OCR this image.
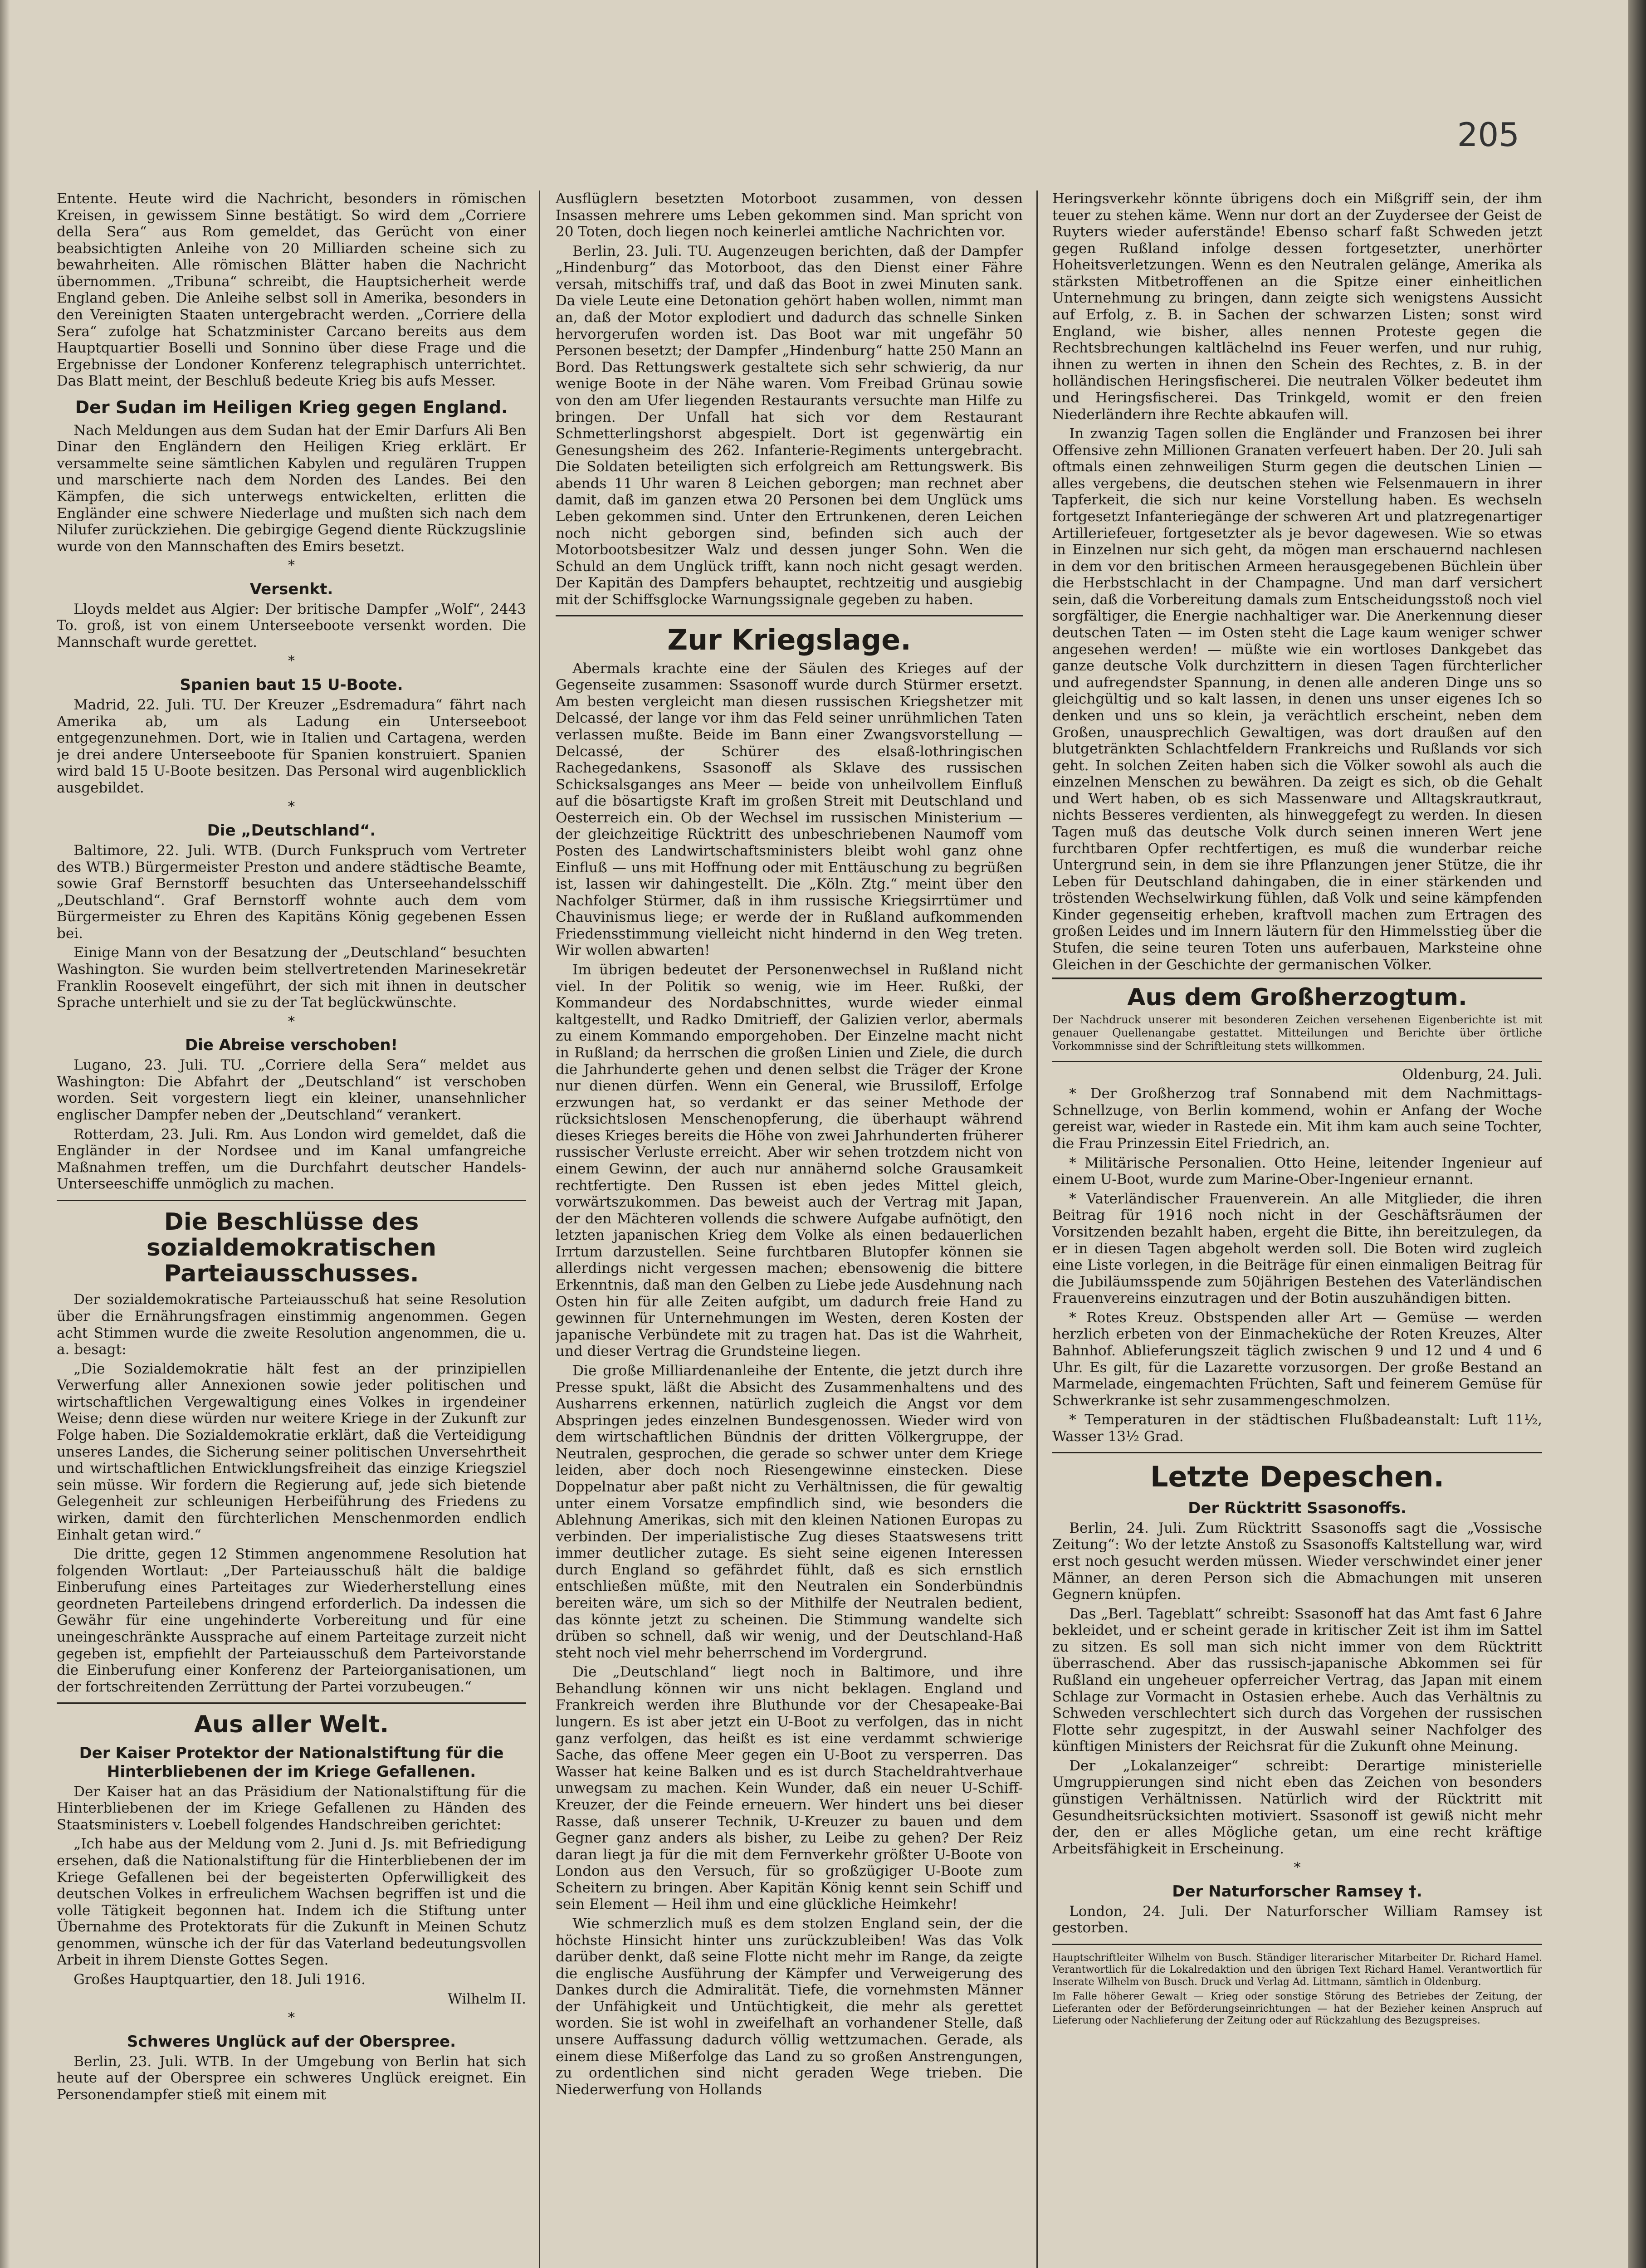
205

Entente. Heute wird die Nachricht, besonders in römischen Kreisen, in gewissem Sinne bestätigt. So wird dem „Corriere della Sera“ aus Rom gemeldet, das Gerücht von einer beabsichtigten Anleihe von 20 Milliarden scheine sich zu bewahrheiten. Alle römischen Blätter haben die Nachricht übernommen. „Tribuna“ schreibt, die Hauptsicherheit werde England geben. Die Anleihe selbst soll in Amerika, besonders in den Vereinigten Staaten untergebracht werden. „Corriere della Sera“ zufolge hat Schatzminister Carcano bereits aus dem Hauptquartier Boselli und Sonnino über diese Frage und die Ergebnisse der Londoner Konferenz telegraphisch unterrichtet. Das Blatt meint, der Beschluß bedeute Krieg bis aufs Messer.

Der Sudan im Heiligen Krieg gegen England.

Nach Meldungen aus dem Sudan hat der Emir Darfurs Ali Ben Dinar den Engländern den Heiligen Krieg erklärt. Er versammelte seine sämtlichen Kabylen und regulären Truppen und marschierte nach dem Norden des Landes. Bei den Kämpfen, die sich unterwegs entwickelten, erlitten die Engländer eine schwere Niederlage und mußten sich nach dem Nilufer zurückziehen. Die gebirgige Gegend diente Rückzugslinie wurde von den Mannschaften des Emirs besetzt.

*
Versenkt.

Lloyds meldet aus Algier: Der britische Dampfer „Wolf“, 2443 To. groß, ist von einem Unterseeboote versenkt worden. Die Mannschaft wurde gerettet.

*
Spanien baut 15 U-Boote.

Madrid, 22. Juli. TU. Der Kreuzer „Esdremadura“ fährt nach Amerika ab, um als Ladung ein Unterseeboot entgegenzunehmen. Dort, wie in Italien und Cartagena, werden je drei andere Unterseeboote für Spanien konstruiert. Spanien wird bald 15 U-Boote besitzen. Das Personal wird augenblicklich ausgebildet.

*
Die „Deutschland“.

Baltimore, 22. Juli. WTB. (Durch Funkspruch vom Vertreter des WTB.) Bürgermeister Preston und andere städtische Beamte, sowie Graf Bernstorff besuchten das Unterseehandelsschiff „Deutschland“. Graf Bernstorff wohnte auch dem vom Bürgermeister zu Ehren des Kapitäns König gegebenen Essen bei.

Einige Mann von der Besatzung der „Deutschland“ besuchten Washington. Sie wurden beim stellvertretenden Marinesekretär Franklin Roosevelt eingeführt, der sich mit ihnen in deutscher Sprache unterhielt und sie zu der Tat beglückwünschte.

*
Die Abreise verschoben!

Lugano, 23. Juli. TU. „Corriere della Sera“ meldet aus Washington: Die Abfahrt der „Deutschland“ ist verschoben worden. Seit vorgestern liegt ein kleiner, unansehnlicher englischer Dampfer neben der „Deutschland“ verankert.

Rotterdam, 23. Juli. Rm. Aus London wird gemeldet, daß die Engländer in der Nordsee und im Kanal umfangreiche Maßnahmen treffen, um die Durchfahrt deutscher Handels-Unterseeschiffe unmöglich zu machen.

Die Beschlüsse des sozialdemokratischen Parteiausschusses.

Der sozialdemokratische Parteiausschuß hat seine Resolution über die Ernährungsfragen einstimmig angenommen. Gegen acht Stimmen wurde die zweite Resolution angenommen, die u. a. besagt:

„Die Sozialdemokratie hält fest an der prinzipiellen Verwerfung aller Annexionen sowie jeder politischen und wirtschaftlichen Vergewaltigung eines Volkes in irgendeiner Weise; denn diese würden nur weitere Kriege in der Zukunft zur Folge haben. Die Sozialdemokratie erklärt, daß die Verteidigung unseres Landes, die Sicherung seiner politischen Unversehrtheit und wirtschaftlichen Entwicklungsfreiheit das einzige Kriegsziel sein müsse. Wir fordern die Regierung auf, jede sich bietende Gelegenheit zur schleunigen Herbeiführung des Friedens zu wirken, damit den fürchterlichen Menschenmorden endlich Einhalt getan wird.“

Die dritte, gegen 12 Stimmen angenommene Resolution hat folgenden Wortlaut: „Der Parteiausschuß hält die baldige Einberufung eines Parteitages zur Wiederherstellung eines geordneten Parteilebens dringend erforderlich. Da indessen die Gewähr für eine ungehinderte Vorbereitung und für eine uneingeschränkte Aussprache auf einem Parteitage zurzeit nicht gegeben ist, empfiehlt der Parteiausschuß dem Parteivorstande die Einberufung einer Konferenz der Parteiorganisationen, um der fortschreitenden Zerrüttung der Partei vorzubeugen.“

Aus aller Welt.
Der Kaiser Protektor der Nationalstiftung für die Hinterbliebenen der im Kriege Gefallenen.

Der Kaiser hat an das Präsidium der Nationalstiftung für die Hinterbliebenen der im Kriege Gefallenen zu Händen des Staatsministers v. Loebell folgendes Handschreiben gerichtet:

„Ich habe aus der Meldung vom 2. Juni d. Js. mit Befriedigung ersehen, daß die Nationalstiftung für die Hinterbliebenen der im Kriege Gefallenen bei der begeisterten Opferwilligkeit des deutschen Volkes in erfreulichem Wachsen begriffen ist und die volle Tätigkeit begonnen hat. Indem ich die Stiftung unter Übernahme des Protektorats für die Zukunft in Meinen Schutz genommen, wünsche ich der für das Vaterland bedeutungsvollen Arbeit in ihrem Dienste Gottes Segen.

Großes Hauptquartier, den 18. Juli 1916.

Wilhelm II.

*
Schweres Unglück auf der Oberspree.

Berlin, 23. Juli. WTB. In der Umgebung von Berlin hat sich heute auf der Oberspree ein schweres Unglück ereignet. Ein Personendampfer stieß mit einem mit

Ausflüglern besetzten Motorboot zusammen, von dessen Insassen mehrere ums Leben gekommen sind. Man spricht von 20 Toten, doch liegen noch keinerlei amtliche Nachrichten vor.

Berlin, 23. Juli. TU. Augenzeugen berichten, daß der Dampfer „Hindenburg“ das Motorboot, das den Dienst einer Fähre versah, mitschiffs traf, und daß das Boot in zwei Minuten sank. Da viele Leute eine Detonation gehört haben wollen, nimmt man an, daß der Motor explodiert und dadurch das schnelle Sinken hervorgerufen worden ist. Das Boot war mit ungefähr 50 Personen besetzt; der Dampfer „Hindenburg“ hatte 250 Mann an Bord. Das Rettungswerk gestaltete sich sehr schwierig, da nur wenige Boote in der Nähe waren. Vom Freibad Grünau sowie von den am Ufer liegenden Restaurants versuchte man Hilfe zu bringen. Der Unfall hat sich vor dem Restaurant Schmetterlingshorst abgespielt. Dort ist gegenwärtig ein Genesungsheim des 262. Infanterie-Regiments untergebracht. Die Soldaten beteiligten sich erfolgreich am Rettungswerk. Bis abends 11 Uhr waren 8 Leichen geborgen; man rechnet aber damit, daß im ganzen etwa 20 Personen bei dem Unglück ums Leben gekommen sind. Unter den Ertrunkenen, deren Leichen noch nicht geborgen sind, befinden sich auch der Motorbootsbesitzer Walz und dessen junger Sohn. Wen die Schuld an dem Unglück trifft, kann noch nicht gesagt werden. Der Kapitän des Dampfers behauptet, rechtzeitig und ausgiebig mit der Schiffsglocke Warnungssignale gegeben zu haben.

Zur Kriegslage.

Abermals krachte eine der Säulen des Krieges auf der Gegenseite zusammen: Ssasonoff wurde durch Stürmer ersetzt. Am besten vergleicht man diesen russischen Kriegshetzer mit Delcassé, der lange vor ihm das Feld seiner unrühmlichen Taten verlassen mußte. Beide im Bann einer Zwangsvorstellung — Delcassé, der Schürer des elsaß-lothringischen Rachegedankens, Ssasonoff als Sklave des russischen Schicksalsganges ans Meer — beide von unheilvollem Einfluß auf die bösartigste Kraft im großen Streit mit Deutschland und Oesterreich ein. Ob der Wechsel im russischen Ministerium — der gleichzeitige Rücktritt des unbeschriebenen Naumoff vom Posten des Landwirtschaftsministers bleibt wohl ganz ohne Einfluß — uns mit Hoffnung oder mit Enttäuschung zu begrüßen ist, lassen wir dahingestellt. Die „Köln. Ztg.“ meint über den Nachfolger Stürmer, daß in ihm russische Kriegsirrtümer und Chauvinismus liege; er werde der in Rußland aufkommenden Friedensstimmung vielleicht nicht hindernd in den Weg treten. Wir wollen abwarten!

Im übrigen bedeutet der Personenwechsel in Rußland nicht viel. In der Politik so wenig, wie im Heer. Rußki, der Kommandeur des Nordabschnittes, wurde wieder einmal kaltgestellt, und Radko Dmitrieff, der Galizien verlor, abermals zu einem Kommando emporgehoben. Der Einzelne macht nicht in Rußland; da herrschen die großen Linien und Ziele, die durch die Jahrhunderte gehen und denen selbst die Träger der Krone nur dienen dürfen. Wenn ein General, wie Brussiloff, Erfolge erzwungen hat, so verdankt er das seiner Methode der rücksichtslosen Menschenopferung, die überhaupt während dieses Krieges bereits die Höhe von zwei Jahrhunderten früherer russischer Verluste erreicht. Aber wir sehen trotzdem nicht von einem Gewinn, der auch nur annähernd solche Grausamkeit rechtfertigte. Den Russen ist eben jedes Mittel gleich, vorwärtszukommen. Das beweist auch der Vertrag mit Japan, der den Mächteren vollends die schwere Aufgabe aufnötigt, den letzten japanischen Krieg dem Volke als einen bedauerlichen Irrtum darzustellen. Seine furchtbaren Blutopfer können sie allerdings nicht vergessen machen; ebensowenig die bittere Erkenntnis, daß man den Gelben zu Liebe jede Ausdehnung nach Osten hin für alle Zeiten aufgibt, um dadurch freie Hand zu gewinnen für Unternehmungen im Westen, deren Kosten der japanische Verbündete mit zu tragen hat. Das ist die Wahrheit, und dieser Vertrag die Grundsteine liegen.

Die große Milliardenanleihe der Entente, die jetzt durch ihre Presse spukt, läßt die Absicht des Zusammenhaltens und des Ausharrens erkennen, natürlich zugleich die Angst vor dem Abspringen jedes einzelnen Bundesgenossen. Wieder wird von dem wirtschaftlichen Bündnis der dritten Völkergruppe, der Neutralen, gesprochen, die gerade so schwer unter dem Kriege leiden, aber doch noch Riesengewinne einstecken. Diese Doppelnatur aber paßt nicht zu Verhältnissen, die für gewaltig unter einem Vorsatze empfindlich sind, wie besonders die Ablehnung Amerikas, sich mit den kleinen Nationen Europas zu verbinden. Der imperialistische Zug dieses Staatswesens tritt immer deutlicher zutage. Es sieht seine eigenen Interessen durch England so gefährdet fühlt, daß es sich ernstlich entschließen müßte, mit den Neutralen ein Sonderbündnis bereiten wäre, um sich so der Mithilfe der Neutralen bedient, das könnte jetzt zu scheinen. Die Stimmung wandelte sich drüben so schnell, daß wir wenig, und der Deutschland-Haß steht noch viel mehr beherrschend im Vordergrund.

Die „Deutschland“ liegt noch in Baltimore, und ihre Behandlung können wir uns nicht beklagen. England und Frankreich werden ihre Bluthunde vor der Chesapeake-Bai lungern. Es ist aber jetzt ein U-Boot zu verfolgen, das in nicht ganz verfolgen, das heißt es ist eine verdammt schwierige Sache, das offene Meer gegen ein U-Boot zu versperren. Das Wasser hat keine Balken und es ist durch Stacheldrahtverhaue unwegsam zu machen. Kein Wunder, daß ein neuer U-Schiff-Kreuzer, der die Feinde erneuern. Wer hindert uns bei dieser Rasse, daß unserer Technik, U-Kreuzer zu bauen und dem Gegner ganz anders als bisher, zu Leibe zu gehen? Der Reiz daran liegt ja für die mit dem Fernverkehr größter U-Boote von London aus den Versuch, für so großzügiger U-Boote zum Scheitern zu bringen. Aber Kapitän König kennt sein Schiff und sein Element — Heil ihm und eine glückliche Heimkehr!

Wie schmerzlich muß es dem stolzen England sein, der die höchste Hinsicht hinter uns zurückzubleiben! Was das Volk darüber denkt, daß seine Flotte nicht mehr im Range, da zeigte die englische Ausführung der Kämpfer und Verweigerung des Dankes durch die Admiralität. Tiefe, die vornehmsten Männer der Unfähigkeit und Untüchtigkeit, die mehr als gerettet worden. Sie ist wohl in zweifelhaft an vorhandener Stelle, daß unsere Auffassung dadurch völlig wettzumachen. Gerade, als einem diese Mißerfolge das Land zu so großen Anstrengungen, zu ordentlichen sind nicht geraden Wege trieben. Die Niederwerfung von Hollands

Heringsverkehr könnte übrigens doch ein Mißgriff sein, der ihm teuer zu stehen käme. Wenn nur dort an der Zuydersee der Geist de Ruyters wieder auferstände! Ebenso scharf faßt Schweden jetzt gegen Rußland infolge dessen fortgesetzter, unerhörter Hoheitsverletzungen. Wenn es den Neutralen gelänge, Amerika als stärksten Mitbetroffenen an die Spitze einer einheitlichen Unternehmung zu bringen, dann zeigte sich wenigstens Aussicht auf Erfolg, z. B. in Sachen der schwarzen Listen; sonst wird England, wie bisher, alles nennen Proteste gegen die Rechtsbrechungen kaltlächelnd ins Feuer werfen, und nur ruhig, ihnen zu werten in ihnen den Schein des Rechtes, z. B. in der holländischen Heringsfischerei. Die neutralen Völker bedeutet ihm und Heringsfischerei. Das Trinkgeld, womit er den freien Niederländern ihre Rechte abkaufen will.

In zwanzig Tagen sollen die Engländer und Franzosen bei ihrer Offensive zehn Millionen Granaten verfeuert haben. Der 20. Juli sah oftmals einen zehnweiligen Sturm gegen die deutschen Linien — alles vergebens, die deutschen stehen wie Felsenmauern in ihrer Tapferkeit, die sich nur keine Vorstellung haben. Es wechseln fortgesetzt Infanteriegänge der schweren Art und platzregenartiger Artilleriefeuer, fortgesetzter als je bevor dagewesen. Wie so etwas in Einzelnen nur sich geht, da mögen man erschauernd nachlesen in dem vor den britischen Armeen herausgegebenen Büchlein über die Herbstschlacht in der Champagne. Und man darf versichert sein, daß die Vorbereitung damals zum Entscheidungsstoß noch viel sorgfältiger, die Energie nachhaltiger war. Die Anerkennung dieser deutschen Taten — im Osten steht die Lage kaum weniger schwer angesehen werden! — müßte wie ein wortloses Dankgebet das ganze deutsche Volk durchzittern in diesen Tagen fürchterlicher und aufregendster Spannung, in denen alle anderen Dinge uns so gleichgültig und so kalt lassen, in denen uns unser eigenes Ich so denken und uns so klein, ja verächtlich erscheint, neben dem Großen, unausprechlich Gewaltigen, was dort draußen auf den blutgetränkten Schlachtfeldern Frankreichs und Rußlands vor sich geht. In solchen Zeiten haben sich die Völker sowohl als auch die einzelnen Menschen zu bewähren. Da zeigt es sich, ob die Gehalt und Wert haben, ob es sich Massenware und Alltagskrautkraut, nichts Besseres verdienten, als hinweggefegt zu werden. In diesen Tagen muß das deutsche Volk durch seinen inneren Wert jene furchtbaren Opfer rechtfertigen, es muß die wunderbar reiche Untergrund sein, in dem sie ihre Pflanzungen jener Stütze, die ihr Leben für Deutschland dahingaben, die in einer stärkenden und tröstenden Wechselwirkung fühlen, daß Volk und seine kämpfenden Kinder gegenseitig erheben, kraftvoll machen zum Ertragen des großen Leides und im Innern läutern für den Himmelsstieg über die Stufen, die seine teuren Toten uns auferbauen, Marksteine ohne Gleichen in der Geschichte der germanischen Völker.

Aus dem Großherzogtum.

Der Nachdruck unserer mit besonderen Zeichen versehenen Eigenberichte ist mit genauer Quellenangabe gestattet. Mitteilungen und Berichte über örtliche Vorkommnisse sind der Schriftleitung stets willkommen.

Oldenburg, 24. Juli.

* Der Großherzog traf Sonnabend mit dem Nachmittags-Schnellzuge, von Berlin kommend, wohin er Anfang der Woche gereist war, wieder in Rastede ein. Mit ihm kam auch seine Tochter, die Frau Prinzessin Eitel Friedrich, an.

* Militärische Personalien. Otto Heine, leitender Ingenieur auf einem U-Boot, wurde zum Marine-Ober-Ingenieur ernannt.

* Vaterländischer Frauenverein. An alle Mitglieder, die ihren Beitrag für 1916 noch nicht in der Geschäftsräumen der Vorsitzenden bezahlt haben, ergeht die Bitte, ihn bereitzulegen, da er in diesen Tagen abgeholt werden soll. Die Boten wird zugleich eine Liste vorlegen, in die Beiträge für einen einmaligen Beitrag für die Jubiläumsspende zum 50jährigen Bestehen des Vaterländischen Frauenvereins einzutragen und der Botin auszuhändigen bitten.

* Rotes Kreuz. Obstspenden aller Art — Gemüse — werden herzlich erbeten von der Einmacheküche der Roten Kreuzes, Alter Bahnhof. Ablieferungszeit täglich zwischen 9 und 12 und 4 und 6 Uhr. Es gilt, für die Lazarette vorzusorgen. Der große Bestand an Marmelade, eingemachten Früchten, Saft und feinerem Gemüse für Schwerkranke ist sehr zusammengeschmolzen.

* Temperaturen in der städtischen Flußbadeanstalt: Luft 11½, Wasser 13½ Grad.

Letzte Depeschen.
Der Rücktritt Ssasonoffs.

Berlin, 24. Juli. Zum Rücktritt Ssasonoffs sagt die „Vossische Zeitung“: Wo der letzte Anstoß zu Ssasonoffs Kaltstellung war, wird erst noch gesucht werden müssen. Wieder verschwindet einer jener Männer, an deren Person sich die Abmachungen mit unseren Gegnern knüpfen.

Das „Berl. Tageblatt“ schreibt: Ssasonoff hat das Amt fast 6 Jahre bekleidet, und er scheint gerade in kritischer Zeit ist ihm im Sattel zu sitzen. Es soll man sich nicht immer von dem Rücktritt überraschend. Aber das russisch-japanische Abkommen sei für Rußland ein ungeheuer opferreicher Vertrag, das Japan mit einem Schlage zur Vormacht in Ostasien erhebe. Auch das Verhältnis zu Schweden verschlechtert sich durch das Vorgehen der russischen Flotte sehr zugespitzt, in der Auswahl seiner Nachfolger des künftigen Ministers der Reichsrat für die Zukunft ohne Meinung.

Der „Lokalanzeiger“ schreibt: Derartige ministerielle Umgruppierungen sind nicht eben das Zeichen von besonders günstigen Verhältnissen. Natürlich wird der Rücktritt mit Gesundheitsrücksichten motiviert. Ssasonoff ist gewiß nicht mehr der, den er alles Mögliche getan, um eine recht kräftige Arbeitsfähigkeit in Erscheinung.

*
Der Naturforscher Ramsey †.

London, 24. Juli. Der Naturforscher William Ramsey ist gestorben.

Hauptschriftleiter Wilhelm von Busch. Ständiger literarischer Mitarbeiter Dr. Richard Hamel. Verantwortlich für die Lokalredaktion und den übrigen Text Richard Hamel. Verantwortlich für Inserate Wilhelm von Busch. Druck und Verlag Ad. Littmann, sämtlich in Oldenburg.

Im Falle höherer Gewalt — Krieg oder sonstige Störung des Betriebes der Zeitung, der Lieferanten oder der Beförderungseinrichtungen — hat der Bezieher keinen Anspruch auf Lieferung oder Nachlieferung der Zeitung oder auf Rückzahlung des Bezugspreises.
